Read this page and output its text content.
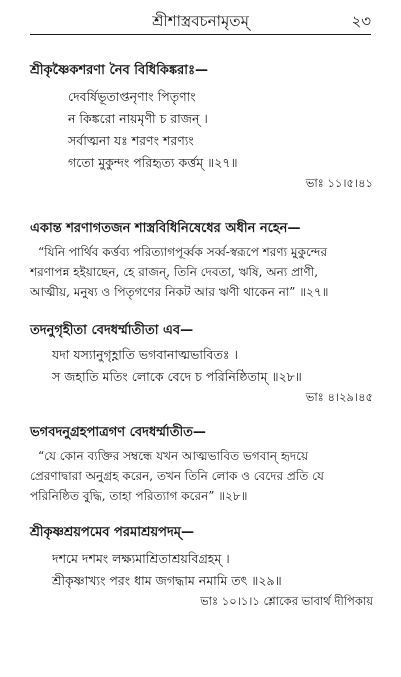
শ্রীশাস্ত্রবচনামৃতম্	২৩
শ্রীকৃষ্ণৈকশরণা নৈব বিধিকিঙ্করাঃ—
দেবর্ষিভূতাপ্তনৃণাং পিতৃণাং
ন কিঙ্করো নায়মৃণী চ রাজন্ ।
সর্বাত্মনা যঃ শরণং শরণ্যং
গতো মুকুন্দং পরিহৃত্য কর্ত্তম্ ॥২৭॥
ভাঃ ১১।৫।৪১
একান্ত শরণাগতজন শাস্ত্রবিধিনিষেধের অধীন নহেন—
“যিনি পার্থিব কর্ত্তব্য পরিত্যাগপূর্ব্বক সর্ব্ব-স্বরূপে শরণ্য মুকুন্দের
শরণাপন্ন হইয়াছেন, হে রাজন্, তিনি দেবতা, ঋষি, অন্য প্রাণী,
আত্মীয়, মনুষ্য ও পিতৃগণের নিকট আর ঋণী থাকেন না” ॥২৭॥
তদনুগৃহীতা বেদধর্ম্মাতীতা এব—
যদা যস্যানুগৃহ্ণাতি ভগবানাত্মভাবিতঃ ।
স জহাতি মতিং লোকে বেদে চ পরিনিষ্ঠিতাম্ ॥২৮॥
ভাঃ ৪।২৯।৪৫
ভগবদনুগ্রহপাত্রগণ বেদধর্ম্মাতীত—
“যে কোন ব্যক্তির সম্বন্ধে যখন আত্মভাবিত ভগবান্ হৃদয়ে
প্রেরণাদ্বারা অনুগ্রহ করেন, তখন তিনি লোক ও বেদের প্রতি যে
পরিনিষ্ঠিত বুদ্ধি, তাহা পরিত্যাগ করেন” ॥২৮॥
শ্রীকৃষ্ণশ্রয়পমেব পরমাশ্রয়পদম্—
দশমে দশমং লক্ষ্যমাশ্রিতাশ্রয়বিগ্রহম্ ।
শ্রীকৃষ্ণাখ্যং পরং ধাম জগদ্ধাম নমামি তৎ ॥২৯॥
ভাঃ ১০।১।১ শ্লোকের ভাবার্থ দীপিকায়
